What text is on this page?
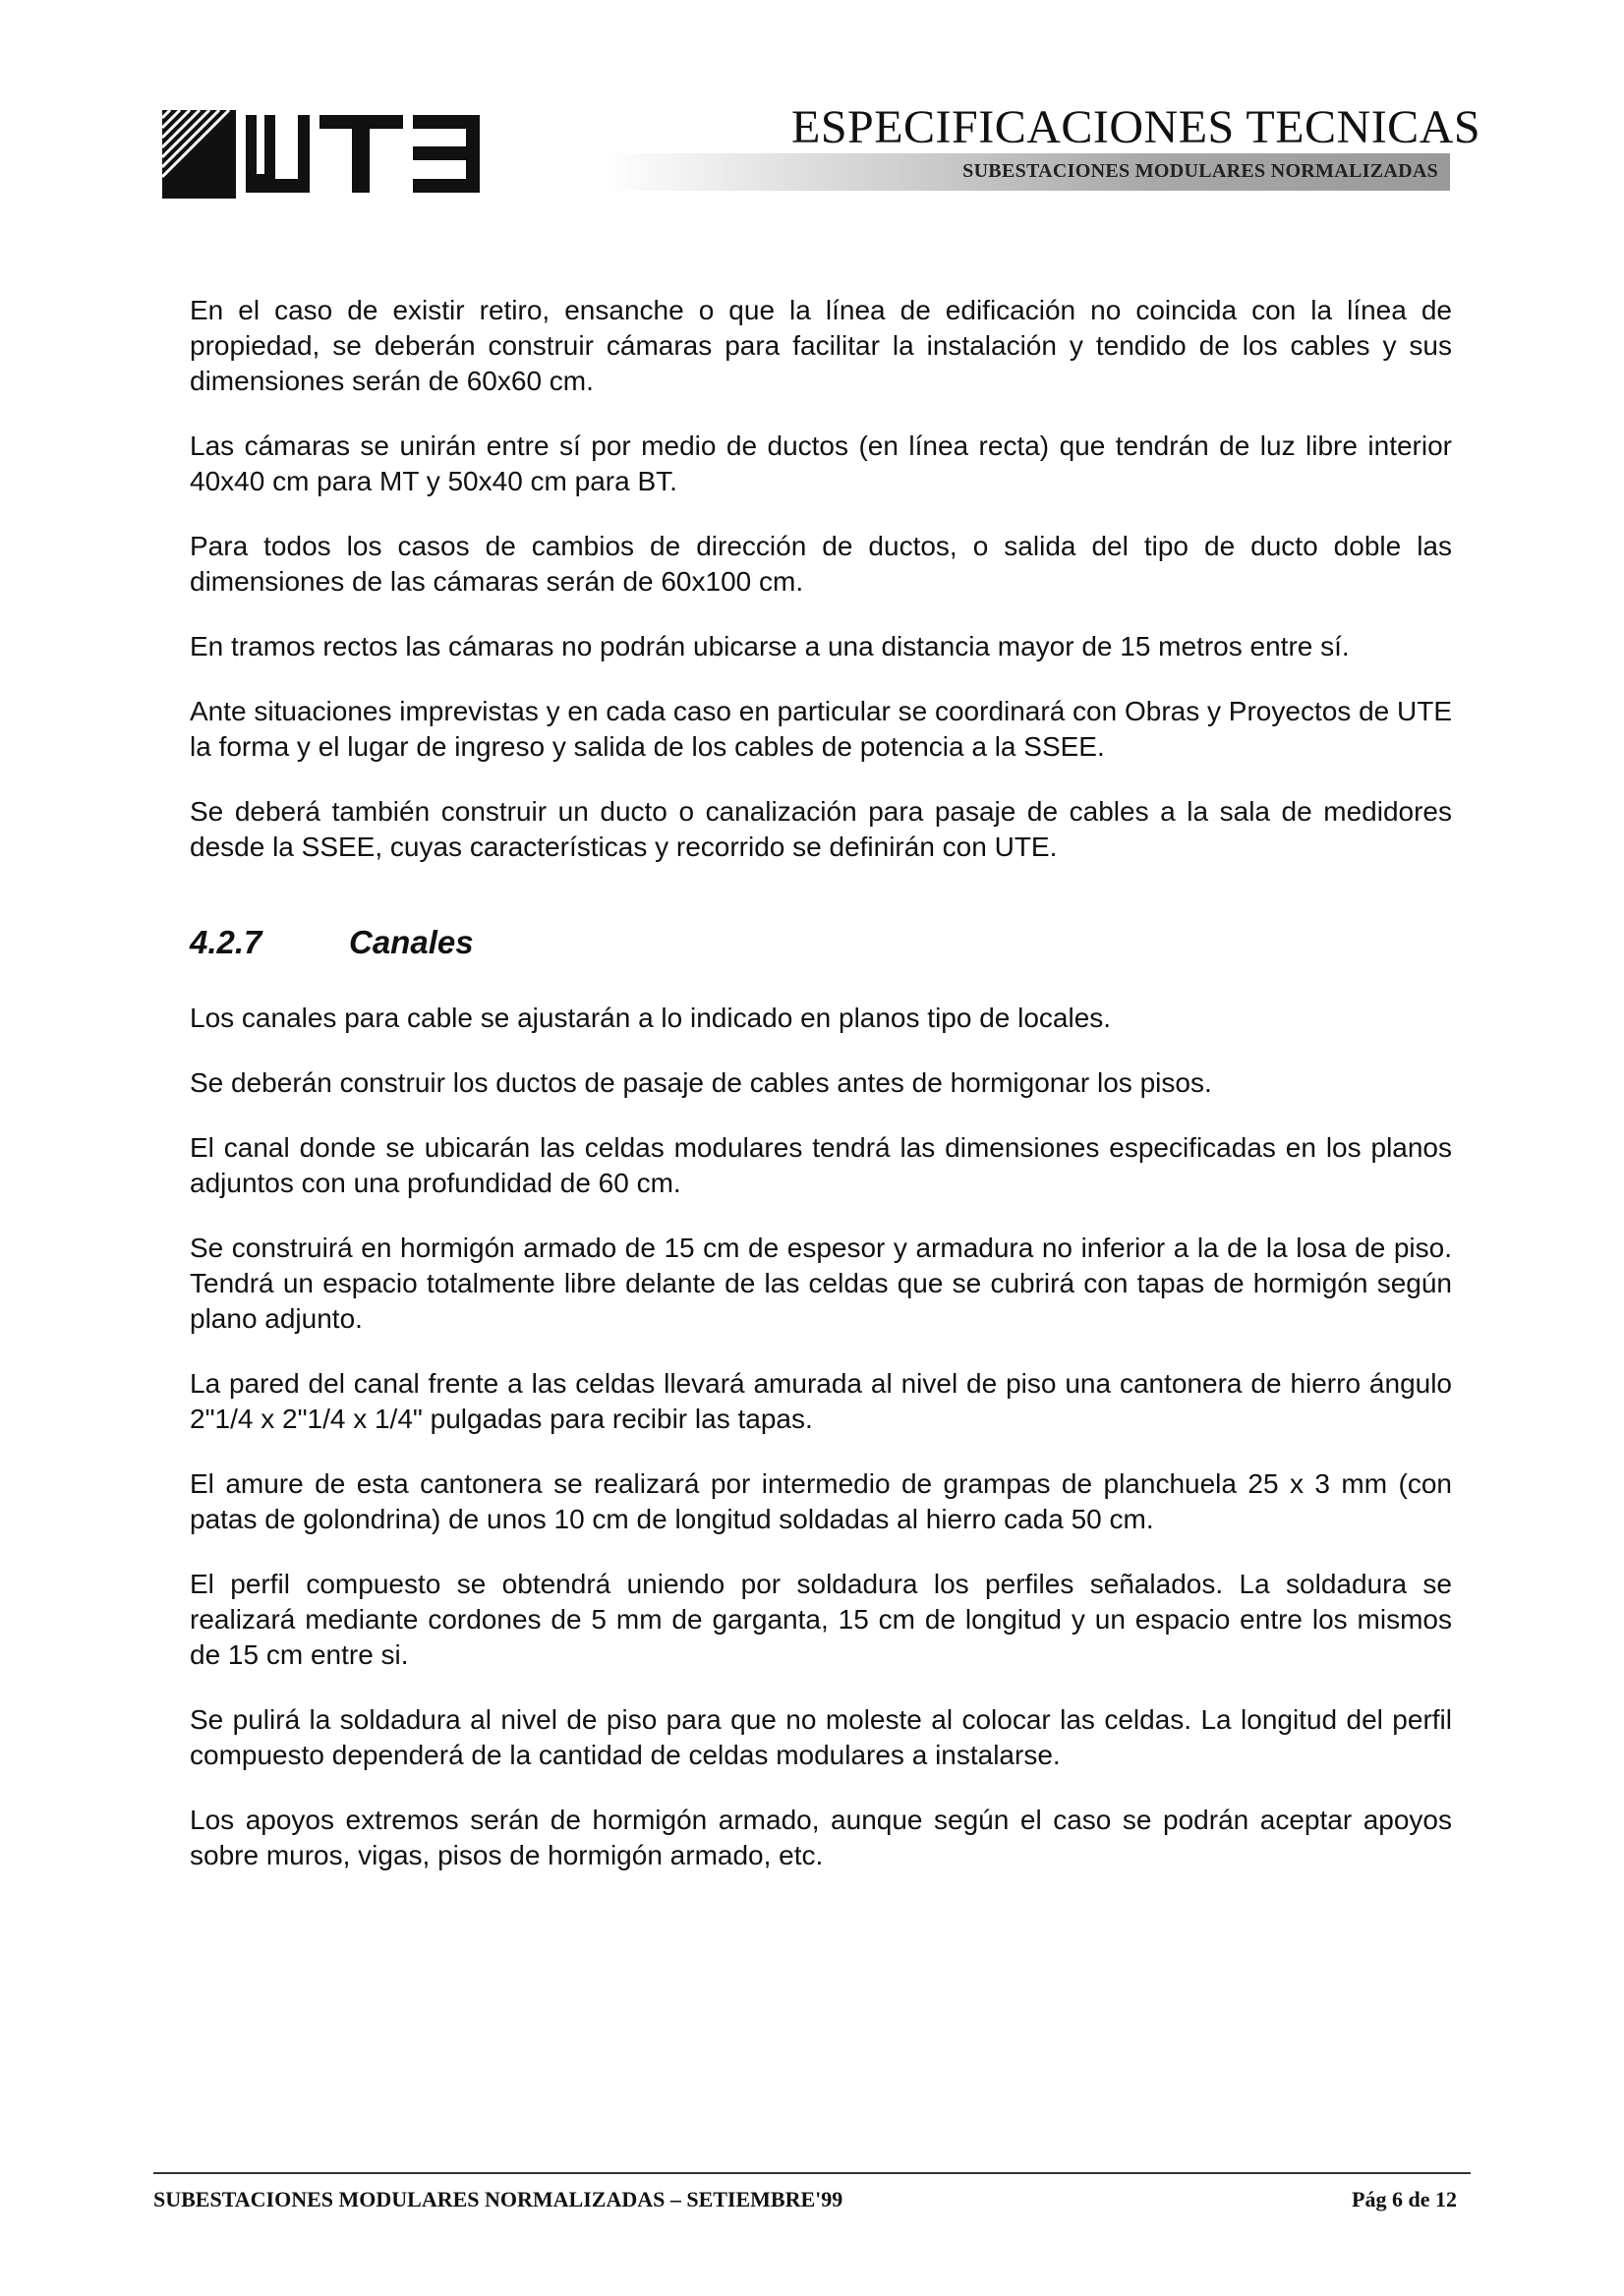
ESPECIFICACIONES TECNICAS
SUBESTACIONES MODULARES NORMALIZADAS

En el caso de existir retiro, ensanche o que la línea de edificación no coincida con la línea de propiedad, se deberán construir cámaras para facilitar la instalación y tendido de los cables y sus dimensiones serán de 60x60 cm.

Las cámaras se unirán entre sí por medio de ductos (en línea recta) que tendrán de luz libre interior 40x40 cm para MT y 50x40 cm para BT.

Para todos los casos de cambios de dirección de ductos, o salida del tipo de ducto doble las dimensiones de las cámaras serán de 60x100 cm.

En tramos rectos las cámaras no podrán ubicarse a una distancia mayor de 15 metros entre sí.

Ante situaciones imprevistas y en cada caso en particular se coordinará con Obras y Proyectos de UTE la forma y el lugar de ingreso y salida de los cables de potencia a la SSEE.

Se deberá también construir un ducto o canalización para pasaje de cables a la sala de medidores desde la SSEE, cuyas características y recorrido se definirán con UTE.

4.2.7	Canales

Los canales para cable se ajustarán a lo indicado en planos tipo de locales.

Se deberán construir los ductos de pasaje de cables antes de hormigonar los pisos.

El canal donde se ubicarán las celdas modulares tendrá las dimensiones especificadas en los planos adjuntos con una profundidad de 60 cm.

Se construirá en hormigón armado de 15 cm de espesor y armadura no inferior a la de la losa de piso. Tendrá un espacio totalmente libre delante de las celdas que se cubrirá con tapas de hormigón según plano adjunto.

La pared del canal frente a las celdas llevará amurada al nivel de piso una cantonera de hierro ángulo 2"1/4 x 2"1/4 x 1/4" pulgadas para recibir las tapas.

El amure de esta cantonera se realizará por intermedio de grampas de planchuela 25 x 3 mm (con patas de golondrina) de unos 10 cm de longitud soldadas al hierro cada 50 cm.

El perfil compuesto se obtendrá uniendo por soldadura los perfiles señalados. La soldadura se realizará mediante cordones de 5 mm de garganta, 15 cm de longitud y un espacio entre los mismos de 15 cm entre si.

Se pulirá la soldadura al nivel de piso para que no moleste al colocar las celdas. La longitud del perfil compuesto dependerá de la cantidad de celdas modulares a instalarse.

Los apoyos extremos serán de hormigón armado, aunque según el caso se podrán aceptar apoyos sobre muros, vigas, pisos de hormigón armado, etc.

SUBESTACIONES MODULARES NORMALIZADAS – SETIEMBRE'99	Pág 6 de 12
